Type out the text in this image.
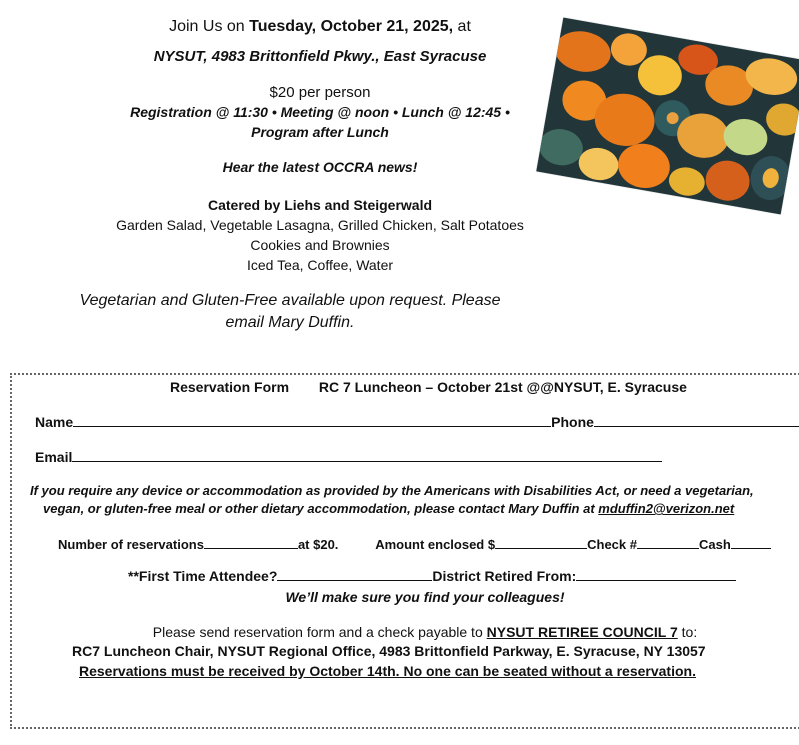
Join Us on Tuesday, October 21, 2025, at
NYSUT, 4983 Brittonfield Pkwy., East Syracuse
$20 per person
Registration @ 11:30 • Meeting @ noon • Lunch @ 12:45 •
Program after Lunch
Hear the latest OCCRA news!
Catered by Liehs and Steigerwald
Garden Salad, Vegetable Lasagna, Grilled Chicken, Salt Potatoes
Cookies and Brownies
Iced Tea, Coffee, Water
Vegetarian and Gluten-Free available upon request. Please
email Mary Duffin.
Reservation Form RC 7 Luncheon – October 21st @@NYSUT, E. Syracuse
Name	Phone
Email
If you require any device or accommodation as provided by the Americans with Disabilities Act, or need a vegetarian,
vegan, or gluten-free meal or other dietary accommodation, please contact Mary Duffin at mduffin2@verizon.net
Number of reservations	at $20.	Amount enclosed $	Check #	Cash
**First Time Attendee?	District Retired From:
We’ll make sure you find your colleagues!
Please send reservation form and a check payable to NYSUT RETIREE COUNCIL 7 to:
RC7 Luncheon Chair, NYSUT Regional Office, 4983 Brittonfield Parkway, E. Syracuse, NY 13057
Reservations must be received by October 14th. No one can be seated without a reservation.
